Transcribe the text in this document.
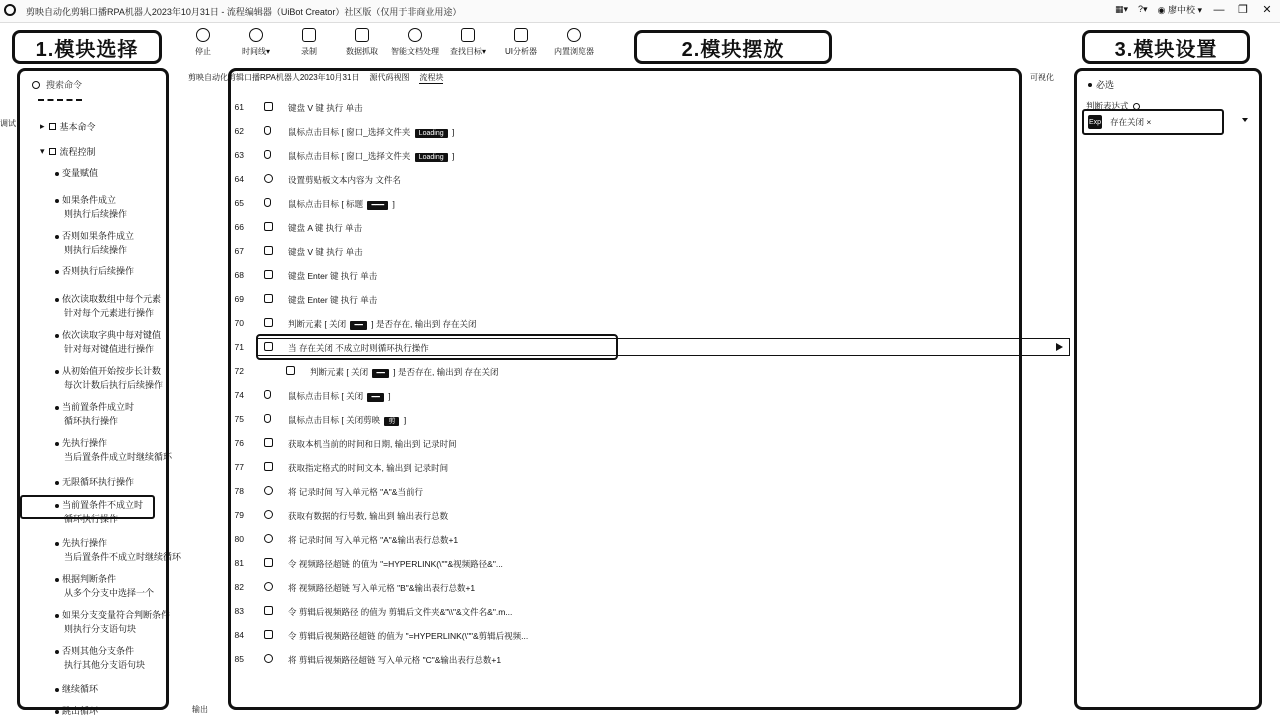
剪映自动化剪辑口播RPA机器人2023年10月31日 - 流程编辑器（UiBot Creator）社区版（仅用于非商业用途）	▦▾ ?▾ ◉ 廖中校 ▾ — ❐ ✕
停止	时间线▾	录制	数据抓取 智能文档处理 查找目标▾ UI分析器 内置浏览器
1.模块选择	2.模块摆放	3.模块设置
调试
搜索命令
▸ 基本命令
▾ 流程控制
变量赋值
如果条件成立
则执行后续操作
否则如果条件成立
则执行后续操作
否则执行后续操作
依次读取数组中每个元素
针对每个元素进行操作
依次读取字典中每对键值
针对每对键值进行操作
从初始值开始按步长计数
每次计数后执行后续操作
当前置条件成立时
循环执行操作
先执行操作
当后置条件成立时继续循环
无限循环执行操作
当前置条件不成立时
循环执行操作
先执行操作
当后置条件不成立时继续循环
根据判断条件
从多个分支中选择一个
如果分支变量符合判断条件
则执行分支语句块
否则其他分支条件
执行其他分支语句块
继续循环
跳出循环
剪映自动化剪辑口播RPA机器人2023年10月31日 源代码视图 流程块	可视化
61	键盘 V 键 执行 单击
62	鼠标点击目标 [ 窗口_选择文件夹 Loading ]
63	鼠标点击目标 [ 窗口_选择文件夹 Loading ]
64	设置剪贴板文本内容为 文件名
65	鼠标点击目标 [ 标题 ━━━ ]
66	键盘 A 键 执行 单击
67	键盘 V 键 执行 单击
68	键盘 Enter 键 执行 单击
69	键盘 Enter 键 执行 单击
70	判断元素 [ 关闭 ━━ ] 是否存在, 输出到 存在关闭
71	当 存在关闭 不成立时则循环执行操作
72	判断元素 [ 关闭 ━━ ] 是否存在, 输出到 存在关闭
74	鼠标点击目标 [ 关闭 ━━ ]
75	鼠标点击目标 [ 关闭剪映 剪 ]
76	获取本机当前的时间和日期, 输出到 记录时间
77	获取指定格式的时间文本, 输出到 记录时间
78	将 记录时间 写入单元格 "A"&当前行
79	获取有数据的行号数, 输出到 输出表行总数
80	将 记录时间 写入单元格 "A"&输出表行总数+1
81	令 视频路径超链 的值为 "=HYPERLINK(\""&视频路径&"...
82	将 视频路径超链 写入单元格 "B"&输出表行总数+1
83	令 剪辑后视频路径 的值为 剪辑后文件夹&"\\"&文件名&".m...
84	令 剪辑后视频路径超链 的值为 "=HYPERLINK(\""&剪辑后视频...
85	将 剪辑后视频路径超链 写入单元格 "C"&输出表行总数+1
输出
必选
判断表达式
Exp 存在关闭 ×
